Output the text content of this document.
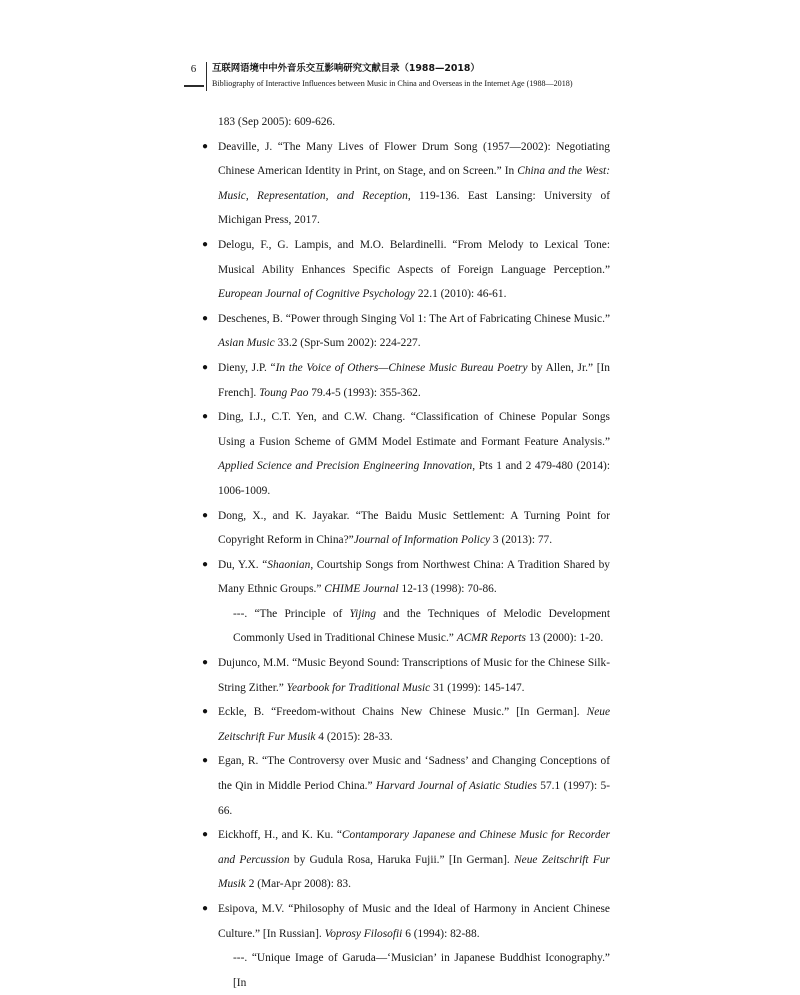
6	互联网语境中中外音乐交互影响研究文献目录（1988—2018）
Bibliography of Interactive Influences between Music in China and Overseas in the Internet Age (1988—2018)

183 (Sep 2005): 609-626.

● Deaville, J. “The Many Lives of Flower Drum Song (1957—2002): Negotiating Chinese American Identity in Print, on Stage, and on Screen.” In China and the West: Music, Representation, and Reception, 119-136. East Lansing: University of Michigan Press, 2017.

● Delogu, F., G. Lampis, and M.O. Belardinelli. “From Melody to Lexical Tone: Musical Ability Enhances Specific Aspects of Foreign Language Perception.” European Journal of Cognitive Psychology 22.1 (2010): 46-61.

● Deschenes, B. “Power through Singing Vol 1: The Art of Fabricating Chinese Music.” Asian Music 33.2 (Spr-Sum 2002): 224-227.

● Dieny, J.P. “In the Voice of Others—Chinese Music Bureau Poetry by Allen, Jr.” [In French]. Toung Pao 79.4-5 (1993): 355-362.

● Ding, I.J., C.T. Yen, and C.W. Chang. “Classification of Chinese Popular Songs Using a Fusion Scheme of GMM Model Estimate and Formant Feature Analysis.” Applied Science and Precision Engineering Innovation, Pts 1 and 2 479-480 (2014): 1006-1009.

● Dong, X., and K. Jayakar. “The Baidu Music Settlement: A Turning Point for Copyright Reform in China?”Journal of Information Policy 3 (2013): 77.

● Du, Y.X. “Shaonian, Courtship Songs from Northwest China: A Tradition Shared by Many Ethnic Groups.” CHIME Journal 12-13 (1998): 70-86.

---. “The Principle of Yijing and the Techniques of Melodic Development Commonly Used in Traditional Chinese Music.” ACMR Reports 13 (2000): 1-20.

● Dujunco, M.M. “Music Beyond Sound: Transcriptions of Music for the Chinese Silk-String Zither.” Yearbook for Traditional Music 31 (1999): 145-147.

● Eckle, B. “Freedom-without Chains New Chinese Music.” [In German]. Neue Zeitschrift Fur Musik 4 (2015): 28-33.

● Egan, R. “The Controversy over Music and ‘Sadness’ and Changing Conceptions of the Qin in Middle Period China.” Harvard Journal of Asiatic Studies 57.1 (1997): 5-66.

● Eickhoff, H., and K. Ku. “Contamporary Japanese and Chinese Music for Recorder and Percussion by Gudula Rosa, Haruka Fujii.” [In German]. Neue Zeitschrift Fur Musik 2 (Mar-Apr 2008): 83.

● Esipova, M.V. “Philosophy of Music and the Ideal of Harmony in Ancient Chinese Culture.” [In Russian]. Voprosy Filosofii 6 (1994): 82-88.

---. “Unique Image of Garuda—‘Musician’ in Japanese Buddhist Iconography.” [In
